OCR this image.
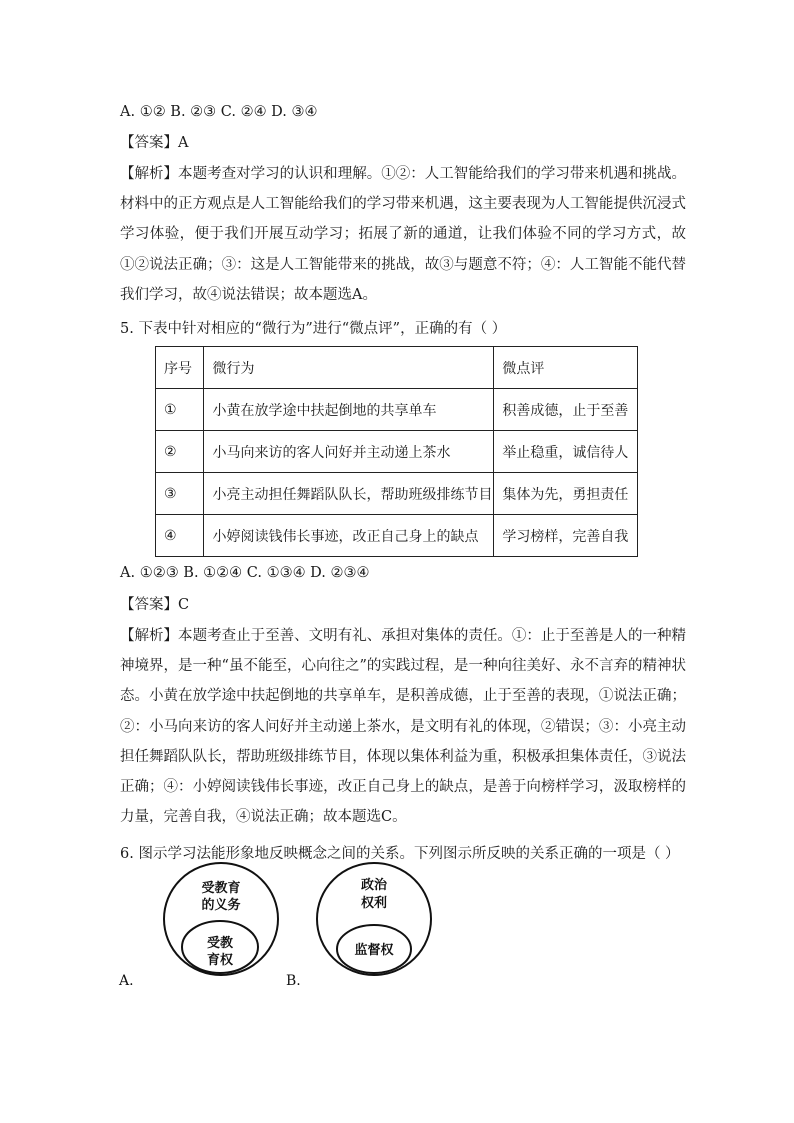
A. ①② B. ②③ C. ②④ D. ③④
【答案】A
【解析】本题考查对学习的认识和理解。①②：人工智能给我们的学习带来机遇和挑战。材料中的正方观点是人工智能给我们的学习带来机遇，这主要表现为人工智能提供沉浸式学习体验，便于我们开展互动学习；拓展了新的通道，让我们体验不同的学习方式，故①②说法正确；③：这是人工智能带来的挑战，故③与题意不符；④：人工智能不能代替我们学习，故④说法错误；故本题选A。
5. 下表中针对相应的“微行为”进行“微点评”，正确的有（ ）
序号	微行为	微点评
①	小黄在放学途中扶起倒地的共享单车	积善成德，止于至善
②	小马向来访的客人问好并主动递上茶水	举止稳重，诚信待人
③	小亮主动担任舞蹈队队长，帮助班级排练节目	集体为先，勇担责任
④	小婷阅读钱伟长事迹，改正自己身上的缺点	学习榜样，完善自我
A. ①②③ B. ①②④ C. ①③④ D. ②③④
【答案】C
【解析】本题考查止于至善、文明有礼、承担对集体的责任。①：止于至善是人的一种精神境界，是一种“虽不能至，心向往之”的实践过程，是一种向往美好、永不言弃的精神状态。小黄在放学途中扶起倒地的共享单车，是积善成德，止于至善的表现，①说法正确；②：小马向来访的客人问好并主动递上茶水，是文明有礼的体现，②错误；③：小亮主动担任舞蹈队队长，帮助班级排练节目，体现以集体利益为重，积极承担集体责任，③说法正确；④：小婷阅读钱伟长事迹，改正自己身上的缺点，是善于向榜样学习，汲取榜样的力量，完善自我，④说法正确；故本题选C。
6. 图示学习法能形象地反映概念之间的关系。下列图示所反映的关系正确的一项是（ ）
受教育
的义务
受教
育权
A.
政治
权利
监督权
B.
